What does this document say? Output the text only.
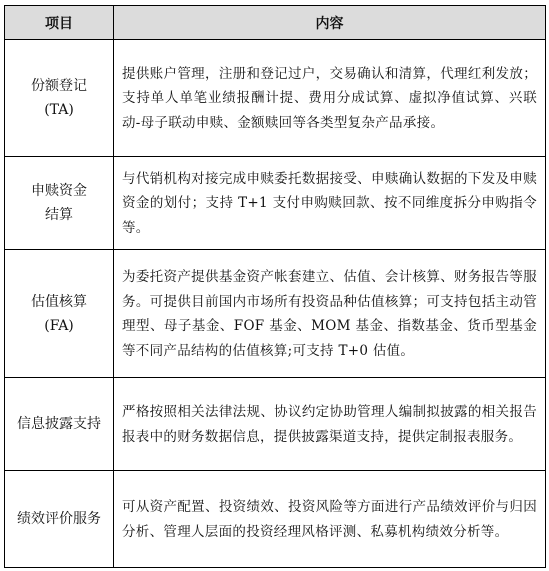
项目	内容

份额登记
(TA)	提供账户管理，注册和登记过户，交易确认和清算，代理红利发放；支持单人单笔业绩报酬计提、费用分成试算、虚拟净值试算、兴联动-母子联动申赎、金额赎回等各类型复杂产品承接。

申赎资金
结算	与代销机构对接完成申赎委托数据接受、申赎确认数据的下发及申赎资金的划付；支持 T+1 支付申购赎回款、按不同维度拆分申购指令等。

估值核算
(FA)	为委托资产提供基金资产帐套建立、估值、会计核算、财务报告等服务。可提供目前国内市场所有投资品种估值核算；可支持包括主动管理型、母子基金、FOF 基金、MOM 基金、指数基金、货币型基金等不同产品结构的估值核算;可支持 T+0 估值。

信息披露支持	严格按照相关法律法规、协议约定协助管理人编制拟披露的相关报告报表中的财务数据信息，提供披露渠道支持，提供定制报表服务。

绩效评价服务	可从资产配置、投资绩效、投资风险等方面进行产品绩效评价与归因分析、管理人层面的投资经理风格评测、私募机构绩效分析等。
